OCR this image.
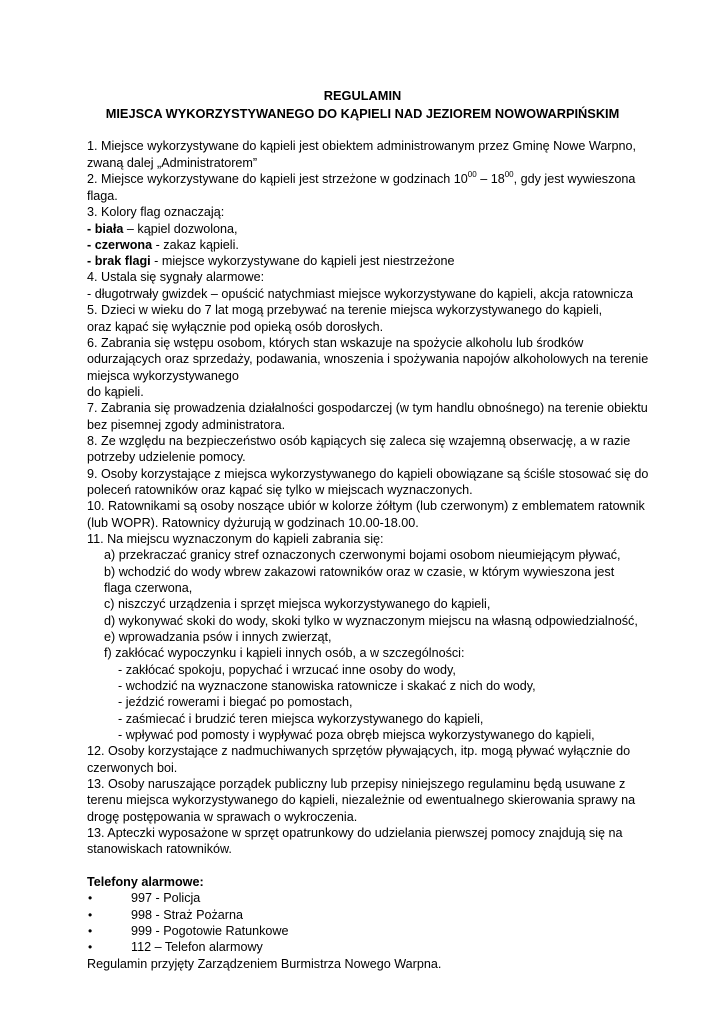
REGULAMIN
MIEJSCA WYKORZYSTYWANEGO DO KĄPIELI NAD JEZIOREM NOWOWARPIŃSKIM
1. Miejsce wykorzystywane do kąpieli jest obiektem administrowanym przez Gminę Nowe Warpno,
zwaną dalej „Administratorem”
2. Miejsce wykorzystywane do kąpieli jest strzeżone w godzinach $10^{00} - 18^{00}$, gdy jest wywieszona
flaga.
3. Kolory flag oznaczają:
- biała – kąpiel dozwolona,
- czerwona - zakaz kąpieli.
- brak flagi - miejsce wykorzystywane do kąpieli jest niestrzeżone
4. Ustala się sygnały alarmowe:
- długotrwały gwizdek – opuścić natychmiast miejsce wykorzystywane do kąpieli, akcja ratownicza
5. Dzieci w wieku do 7 lat mogą przebywać na terenie miejsca wykorzystywanego do kąpieli,
oraz kąpać się wyłącznie pod opieką osób dorosłych.
6. Zabrania się wstępu osobom, których stan wskazuje na spożycie alkoholu lub środków
odurzających oraz sprzedaży, podawania, wnoszenia i spożywania napojów alkoholowych na terenie
miejsca wykorzystywanego
do kąpieli.
7. Zabrania się prowadzenia działalności gospodarczej (w tym handlu obnośnego) na terenie obiektu
bez pisemnej zgody administratora.
8. Ze względu na bezpieczeństwo osób kąpiących się zaleca się wzajemną obserwację, a w razie
potrzeby udzielenie pomocy.
9. Osoby korzystające z miejsca wykorzystywanego do kąpieli obowiązane są ściśle stosować się do
poleceń ratowników oraz kąpać się tylko w miejscach wyznaczonych.
10. Ratownikami są osoby noszące ubiór w kolorze żółtym (lub czerwonym) z emblematem ratownik
(lub WOPR). Ratownicy dyżurują w godzinach 10.00-18.00.
11. Na miejscu wyznaczonym do kąpieli zabrania się:
a) przekraczać granicy stref oznaczonych czerwonymi bojami osobom nieumiejącym pływać,
b) wchodzić do wody wbrew zakazowi ratowników oraz w czasie, w którym wywieszona jest
flaga czerwona,
c) niszczyć urządzenia i sprzęt miejsca wykorzystywanego do kąpieli,
d) wykonywać skoki do wody, skoki tylko w wyznaczonym miejscu na własną odpowiedzialność,
e) wprowadzania psów i innych zwierząt,
f) zakłócać wypoczynku i kąpieli innych osób, a w szczególności:
- zakłócać spokoju, popychać i wrzucać inne osoby do wody,
- wchodzić na wyznaczone stanowiska ratownicze i skakać z nich do wody,
- jeździć rowerami i biegać po pomostach,
- zaśmiecać i brudzić teren miejsca wykorzystywanego do kąpieli,
- wpływać pod pomosty i wypływać poza obręb miejsca wykorzystywanego do kąpieli,
12. Osoby korzystające z nadmuchiwanych sprzętów pływających, itp. mogą pływać wyłącznie do
czerwonych boi.
13. Osoby naruszające porządek publiczny lub przepisy niniejszego regulaminu będą usuwane z
terenu miejsca wykorzystywanego do kąpieli, niezależnie od ewentualnego skierowania sprawy na
drogę postępowania w sprawach o wykroczenia.
13. Apteczki wyposażone w sprzęt opatrunkowy do udzielania pierwszej pomocy znajdują się na
stanowiskach ratowników.
Telefony alarmowe:
•	997 - Policja
•	998 - Straż Pożarna
•	999 - Pogotowie Ratunkowe
•	112 – Telefon alarmowy
Regulamin przyjęty Zarządzeniem Burmistrza Nowego Warpna.
